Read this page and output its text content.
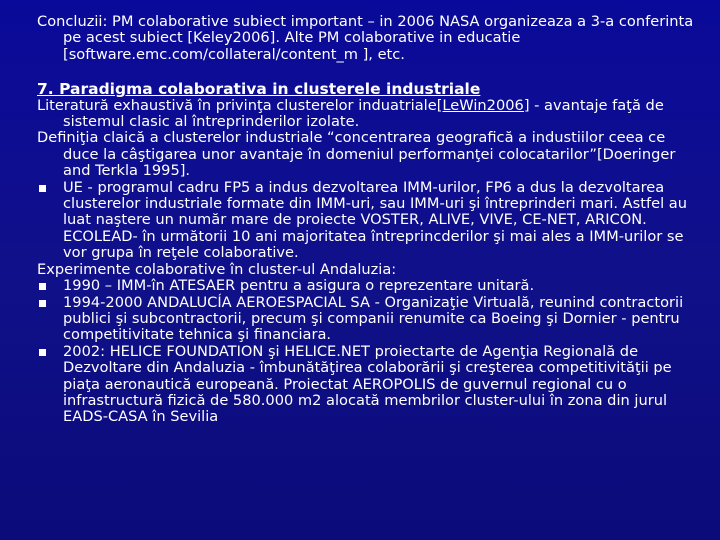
Concluzii: PM colaborative subiect important – in 2006 NASA organizeaza a 3-a conferinta pe acest subiect [Keley2006]. Alte PM colaborative in educatie [software.emc.com/collateral/content_m ], etc.

7. Paradigma colaborativa in clusterele industriale

Literatură exhaustivă în privinţa clusterelor induatriale[LeWin2006] - avantaje faţă de sistemul clasic al întreprinderilor izolate.

Definiţia claică a clusterelor industriale “concentrarea geografică a industiilor ceea ce duce la câştigarea unor avantaje în domeniul performanţei colocatarilor”[Doeringer and Terkla 1995].

UE - programul cadru FP5 a indus dezvoltarea IMM-urilor, FP6 a dus la dezvoltarea clusterelor industriale formate din IMM-uri, sau IMM-uri şi întreprinderi mari. Astfel au luat naştere un număr mare de proiecte VOSTER, ALIVE, VIVE, CE-NET, ARICON. ECOLEAD- în următorii 10 ani majoritatea întreprincderilor şi mai ales a IMM-urilor se vor grupa în reţele colaborative.

Experimente colaborative în cluster-ul Andaluzia:

1990 – IMM-în ATESAER pentru a asigura o reprezentare unitară.
1994-2000 ANDALUCÍA AEROESPACIAL SA - Organizaţie Virtuală, reunind contractorii publici şi subcontractorii, precum şi companii renumite ca Boeing şi Dornier - pentru competitivitate tehnica şi financiara.
2002: HELICE FOUNDATION şi HELICE.NET proiectarte de Agenţia Regională de Dezvoltare din Andaluzia - îmbunătăţirea colaborării şi creşterea competitivităţii pe piaţa aeronautică europeană. Proiectat AEROPOLIS de guvernul regional cu o infrastructură fizică de 580.000 m2 alocată membrilor cluster-ului în zona din jurul EADS-CASA în Sevilia
